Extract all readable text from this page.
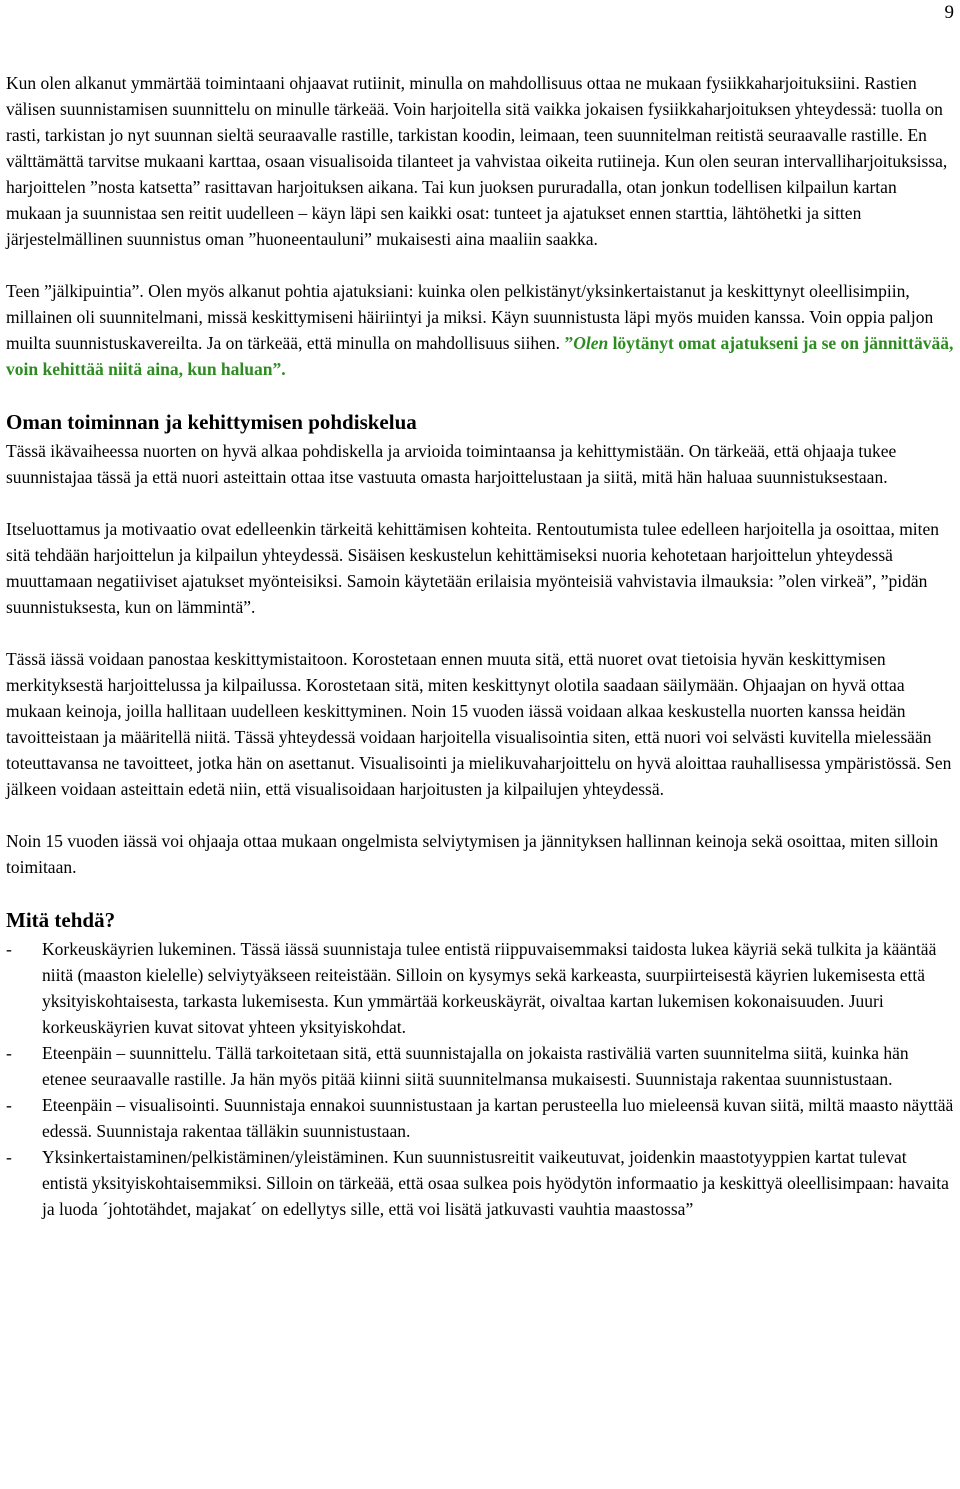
9

Kun olen alkanut ymmärtää toimintaani ohjaavat rutiinit, minulla on mahdollisuus ottaa ne mukaan fysiikkaharjoituksiini. Rastien välisen suunnistamisen suunnittelu on minulle tärkeää. Voin harjoitella sitä vaikka jokaisen fysiikkaharjoituksen yhteydessä: tuolla on rasti, tarkistan jo nyt suunnan sieltä seuraavalle rastille, tarkistan koodin, leimaan, teen suunnitelman reitistä seuraavalle rastille. En välttämättä tarvitse mukaani karttaa, osaan visualisoida tilanteet ja vahvistaa oikeita rutiineja. Kun olen seuran intervalliharjoituksissa, harjoittelen ”nosta katsetta” rasittavan harjoituksen aikana. Tai kun juoksen pururadalla, otan jonkun todellisen kilpailun kartan mukaan ja suunnistaa sen reitit uudelleen – käyn läpi sen kaikki osat: tunteet ja ajatukset ennen starttia, lähtöhetki ja sitten järjestelmällinen suunnistus oman ”huoneentauluni” mukaisesti aina maaliin saakka.

Teen ”jälkipuintia”. Olen myös alkanut pohtia ajatuksiani: kuinka olen pelkistänyt/yksinkertaistanut ja keskittynyt oleellisimpiin, millainen oli suunnitelmani, missä keskittymiseni häiriintyi ja miksi. Käyn suunnistusta läpi myös muiden kanssa. Voin oppia paljon muilta suunnistuskavereilta. Ja on tärkeää, että minulla on mahdollisuus siihen. ”Olen löytänyt omat ajatukseni ja se on jännittävää, voin kehittää niitä aina, kun haluan”.

Oman toiminnan ja kehittymisen pohdiskelua

Tässä ikävaiheessa nuorten on hyvä alkaa pohdiskella ja arvioida toimintaansa ja kehittymistään. On tärkeää, että ohjaaja tukee suunnistajaa tässä ja että nuori asteittain ottaa itse vastuuta omasta harjoittelustaan ja siitä, mitä hän haluaa suunnistuksestaan.

Itseluottamus ja motivaatio ovat edelleenkin tärkeitä kehittämisen kohteita. Rentoutumista tulee edelleen harjoitella ja osoittaa, miten sitä tehdään harjoittelun ja kilpailun yhteydessä. Sisäisen keskustelun kehittämiseksi nuoria kehotetaan harjoittelun yhteydessä muuttamaan negatiiviset ajatukset myönteisiksi. Samoin käytetään erilaisia myönteisiä vahvistavia ilmauksia: ”olen virkeä”, ”pidän suunnistuksesta, kun on lämmintä”.

Tässä iässä voidaan panostaa keskittymistaitoon. Korostetaan ennen muuta sitä, että nuoret ovat tietoisia hyvän keskittymisen merkityksestä harjoittelussa ja kilpailussa. Korostetaan sitä, miten keskittynyt olotila saadaan säilymään. Ohjaajan on hyvä ottaa mukaan keinoja, joilla hallitaan uudelleen keskittyminen. Noin 15 vuoden iässä voidaan alkaa keskustella nuorten kanssa heidän tavoitteistaan ja määritellä niitä. Tässä yhteydessä voidaan harjoitella visualisointia siten, että nuori voi selvästi kuvitella mielessään toteuttavansa ne tavoitteet, jotka hän on asettanut. Visualisointi ja mielikuvaharjoittelu on hyvä aloittaa rauhallisessa ympäristössä. Sen jälkeen voidaan asteittain edetä niin, että visualisoidaan harjoitusten ja kilpailujen yhteydessä.

Noin 15 vuoden iässä voi ohjaaja ottaa mukaan ongelmista selviytymisen ja jännityksen hallinnan keinoja sekä osoittaa, miten silloin toimitaan.

Mitä tehdä?
- Korkeuskäyrien lukeminen. Tässä iässä suunnistaja tulee entistä riippuvaisemmaksi taidosta lukea käyriä sekä tulkita ja kääntää niitä (maaston kielelle) selviytyäkseen reiteistään. Silloin on kysymys sekä karkeasta, suurpiirteisestä käyrien lukemisesta että yksityiskohtaisesta, tarkasta lukemisesta. Kun ymmärtää korkeuskäyrät, oivaltaa kartan lukemisen kokonaisuuden. Juuri korkeuskäyrien kuvat sitovat yhteen yksityiskohdat.
- Eteenpäin – suunnittelu. Tällä tarkoitetaan sitä, että suunnistajalla on jokaista rastiväliä varten suunnitelma siitä, kuinka hän etenee seuraavalle rastille. Ja hän myös pitää kiinni siitä suunnitelmansa mukaisesti. Suunnistaja rakentaa suunnistustaan.
- Eteenpäin – visualisointi. Suunnistaja ennakoi suunnistustaan ja kartan perusteella luo mieleensä kuvan siitä, miltä maasto näyttää edessä. Suunnistaja rakentaa tälläkin suunnistustaan.
- Yksinkertaistaminen/pelkistäminen/yleistäminen. Kun suunnistusreitit vaikeutuvat, joidenkin maastotyyppien kartat tulevat entistä yksityiskohtaisemmiksi. Silloin on tärkeää, että osaa sulkea pois hyödytön informaatio ja keskittyä oleellisimpaan: havaita ja luoda ´johtotähdet, majakat´ on edellytys sille, että voi lisätä jatkuvasti vauhtia maastossa”
